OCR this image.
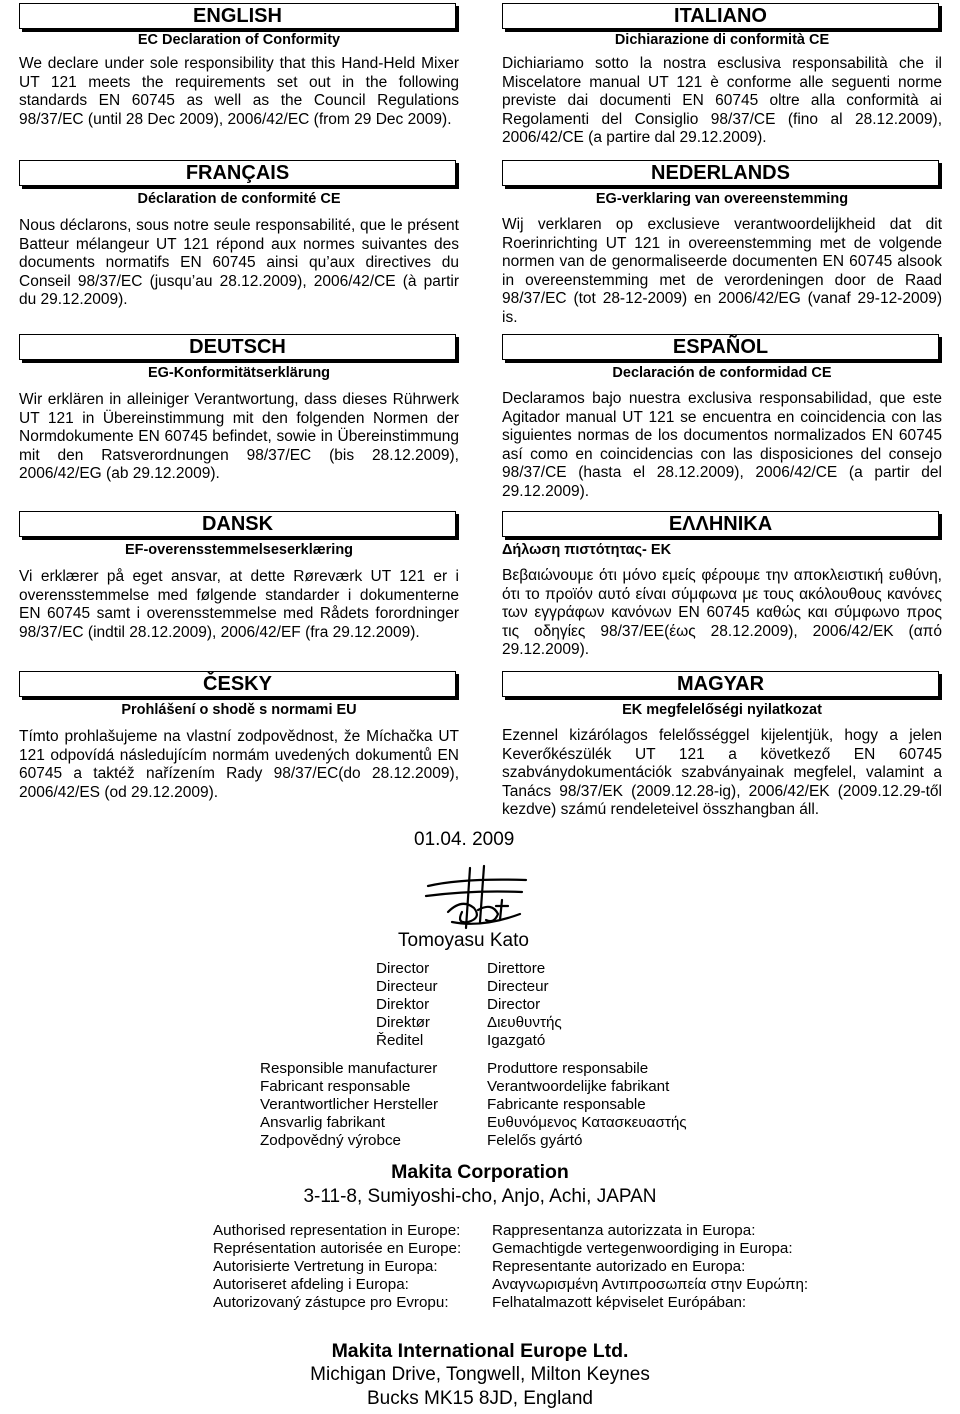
ENGLISH
EC Declaration of Conformity
We declare under sole responsibility that this Hand-Held Mixer UT 121 meets the requirements set out in the following standards EN 60745 as well as the Council Regulations 98/37/EC (until 28 Dec 2009), 2006/42/EC (from 29 Dec 2009).
FRANÇAIS
Déclaration de conformité CE
Nous déclarons, sous notre seule responsabilité, que le présent Batteur mélangeur UT 121 répond aux normes suivantes des documents normatifs EN 60745 ainsi qu’aux directives du Conseil 98/37/EC (jusqu’au 28.12.2009), 2006/42/CE (à partir du 29.12.2009).
DEUTSCH
EG-Konformitätserklärung
Wir erklären in alleiniger Verantwortung, dass dieses Rührwerk UT 121 in Übereinstimmung mit den folgenden Normen der Normdokumente EN 60745 befindet, sowie in Übereinstimmung mit den Ratsverordnungen 98/37/EC (bis 28.12.2009), 2006/42/EG (ab 29.12.2009).
DANSK
EF-overensstemmelseserklæring
Vi erklærer på eget ansvar, at dette Røreværk UT 121 er i overensstemmelse med følgende standarder i dokumenterne EN 60745 samt i overensstemmelse med Rådets forordninger 98/37/EC (indtil 28.12.2009), 2006/42/EF (fra 29.12.2009).
ČESKY
Prohlášení o shodě s normami EU
Tímto prohlašujeme na vlastní zodpovědnost, že Míchačka UT 121 odpovídá následujícím normám uvedených dokumentů EN 60745 a taktéž nařízením Rady 98/37/EC(do 28.12.2009), 2006/42/ES (od 29.12.2009).
ITALIANO
Dichiarazione di conformità CE
Dichiariamo sotto la nostra esclusiva responsabilità che il Miscelatore manual UT 121 è conforme alle seguenti norme previste dai documenti EN 60745 oltre alla conformità ai Regolamenti del Consiglio 98/37/CE (fino al 28.12.2009), 2006/42/CE (a partire dal 29.12.2009).
NEDERLANDS
EG-verklaring van overeenstemming
Wij verklaren op exclusieve verantwoordelijkheid dat dit Roerinrichting UT 121 in overeenstemming met de volgende normen van de genormaliseerde documenten EN 60745 alsook in overeenstemming met de verordeningen door de Raad 98/37/EC (tot 28-12-2009) en 2006/42/EG (vanaf 29-12-2009) is.
ESPAÑOL
Declaración de conformidad CE
Declaramos bajo nuestra exclusiva responsabilidad, que este Agitador manual UT 121 se encuentra en coincidencia con las siguientes normas de los documentos normalizados EN 60745 así como en coincidencias con las disposiciones del consejo 98/37/CE (hasta el 28.12.2009), 2006/42/CE (a partir del 29.12.2009).
ΕΛΛΗΝΙΚΑ
Δήλωση πιστότητας- ΕΚ
Βεβαιώνουμε ότι μόνο εμείς φέρουμε την αποκλειστική ευθύνη, ότι το προϊόν αυτό είναι σύμφωνα με τους ακόλουθους κανόνες των εγγράφων κανόνων EN 60745 καθώς και σύμφωνο προς τις οδηγίες 98/37/ΕΕ(έως 28.12.2009), 2006/42/ΕΚ (από 29.12.2009).
MAGYAR
EK megfelelőségi nyilatkozat
Ezennel kizárólagos felelősséggel kijelentjük, hogy a jelen Keverőkészülék UT 121 a következő EN 60745 szabványdokumentációk szabványainak megfelel, valamint a Tanács 98/37/EK (2009.12.28-ig), 2006/42/EK (2009.12.29-től kezdve) számú rendeleteivel összhangban áll.
01.04. 2009
Tomoyasu Kato
Director
Directeur
Direktor
Direktør
Ředitel
Direttore
Directeur
Director
Διευθυντής
Igazgató
Responsible manufacturer
Fabricant responsable
Verantwortlicher Hersteller
Ansvarlig fabrikant
Zodpovědný výrobce
Produttore responsabile
Verantwoordelijke fabrikant
Fabricante responsable
Ευθυνόμενος Κατασκευαστής
Felelős gyártó
Makita Corporation
3-11-8, Sumiyoshi-cho, Anjo, Achi, JAPAN
Authorised representation in Europe:
Représentation autorisée en Europe:
Autorisierte Vertretung in Europa:
Autoriseret afdeling i Europa:
Autorizovaný zástupce pro Evropu:
Rappresentanza autorizzata in Europa:
Gemachtigde vertegenwoordiging in Europa:
Representante autorizado en Europa:
Αναγνωρισμένη Αντιπροσωπεία στην Ευρώπη:
Felhatalmazott képviselet Európában:
Makita International Europe Ltd.
Michigan Drive, Tongwell, Milton Keynes
Bucks MK15 8JD, England
